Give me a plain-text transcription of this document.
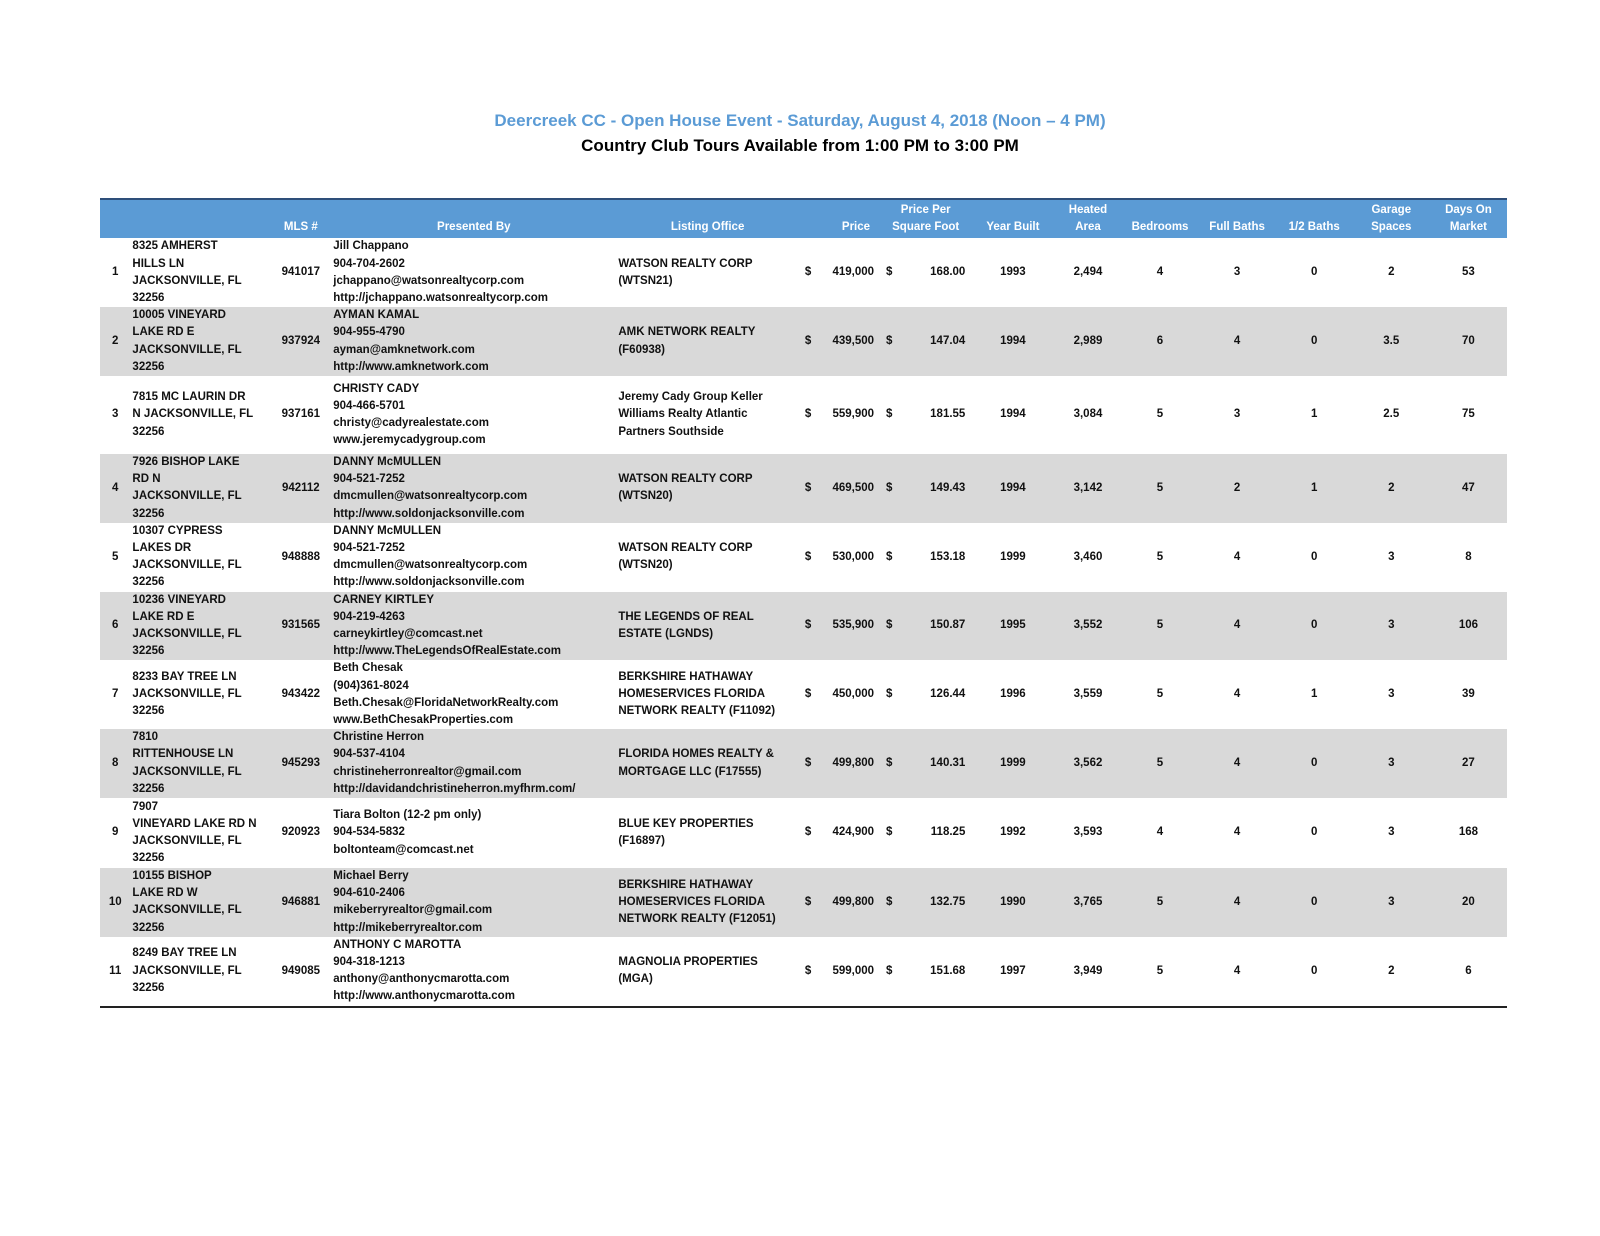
Deercreek CC - Open House Event - Saturday, August 4, 2018 (Noon – 4 PM)
Country Club Tours Available from 1:00 PM to 3:00 PM
		MLS #	Presented By	Listing Office	Price	Price Per
Square Foot	Year Built	Heated
Area	Bedrooms	Full Baths	1/2 Baths	Garage
Spaces	Days On
Market

1	8325 AMHERST
HILLS LN
JACKSONVILLE, FL
32256	941017	Jill Chappano
904-704-2602
jchappano@watsonrealtycorp.com
http://jchappano.watsonrealtycorp.com	WATSON REALTY CORP
(WTSN21)	$ 419,000	$ 168.00	1993	2,494	4	3	0	2	53
2	10005 VINEYARD
LAKE RD E
JACKSONVILLE, FL
32256	937924	AYMAN KAMAL
904-955-4790
ayman@amknetwork.com
http://www.amknetwork.com	AMK NETWORK REALTY
(F60938)	$ 439,500	$ 147.04	1994	2,989	6	4	0	3.5	70
3	7815 MC LAURIN DR
N JACKSONVILLE, FL
32256	937161	CHRISTY CADY
904-466-5701
christy@cadyrealestate.com
www.jeremycadygroup.com	Jeremy Cady Group Keller
Williams Realty Atlantic
Partners Southside	$ 559,900	$ 181.55	1994	3,084	5	3	1	2.5	75
4	7926 BISHOP LAKE
RD N
JACKSONVILLE, FL
32256	942112	DANNY McMULLEN
904-521-7252
dmcmullen@watsonrealtycorp.com
http://www.soldonjacksonville.com	WATSON REALTY CORP
(WTSN20)	$ 469,500	$ 149.43	1994	3,142	5	2	1	2	47
5	10307 CYPRESS
LAKES DR
JACKSONVILLE, FL
32256	948888	DANNY McMULLEN
904-521-7252
dmcmullen@watsonrealtycorp.com
http://www.soldonjacksonville.com	WATSON REALTY CORP
(WTSN20)	$ 530,000	$ 153.18	1999	3,460	5	4	0	3	8
6	10236 VINEYARD
LAKE RD E
JACKSONVILLE, FL
32256	931565	CARNEY KIRTLEY
904-219-4263
carneykirtley@comcast.net
http://www.TheLegendsOfRealEstate.com	THE LEGENDS OF REAL
ESTATE (LGNDS)	$ 535,900	$ 150.87	1995	3,552	5	4	0	3	106
7	8233 BAY TREE LN
JACKSONVILLE, FL
32256	943422	Beth Chesak
(904)361-8024
Beth.Chesak@FloridaNetworkRealty.com
www.BethChesakProperties.com	BERKSHIRE HATHAWAY
HOMESERVICES FLORIDA
NETWORK REALTY (F11092)	$ 450,000	$ 126.44	1996	3,559	5	4	1	3	39
8	7810
RITTENHOUSE LN
JACKSONVILLE, FL
32256	945293	Christine Herron
904-537-4104
christineherronrealtor@gmail.com
http://davidandchristineherron.myfhrm.com/	FLORIDA HOMES REALTY &
MORTGAGE LLC (F17555)	$ 499,800	$ 140.31	1999	3,562	5	4	0	3	27
9	7907
VINEYARD LAKE RD N
JACKSONVILLE, FL
32256	920923	Tiara Bolton (12-2 pm only)
904-534-5832
boltonteam@comcast.net	BLUE KEY PROPERTIES
(F16897)	$ 424,900	$ 118.25	1992	3,593	4	4	0	3	168
10	10155 BISHOP
LAKE RD W
JACKSONVILLE, FL
32256	946881	Michael Berry
904-610-2406
mikeberryrealtor@gmail.com
http://mikeberryrealtor.com	BERKSHIRE HATHAWAY
HOMESERVICES FLORIDA
NETWORK REALTY (F12051)	$ 499,800	$ 132.75	1990	3,765	5	4	0	3	20
11	8249 BAY TREE LN
JACKSONVILLE, FL
32256	949085	ANTHONY C MAROTTA
904-318-1213
anthony@anthonycmarotta.com
http://www.anthonycmarotta.com	MAGNOLIA PROPERTIES
(MGA)	$ 599,000	$ 151.68	1997	3,949	5	4	0	2	6
